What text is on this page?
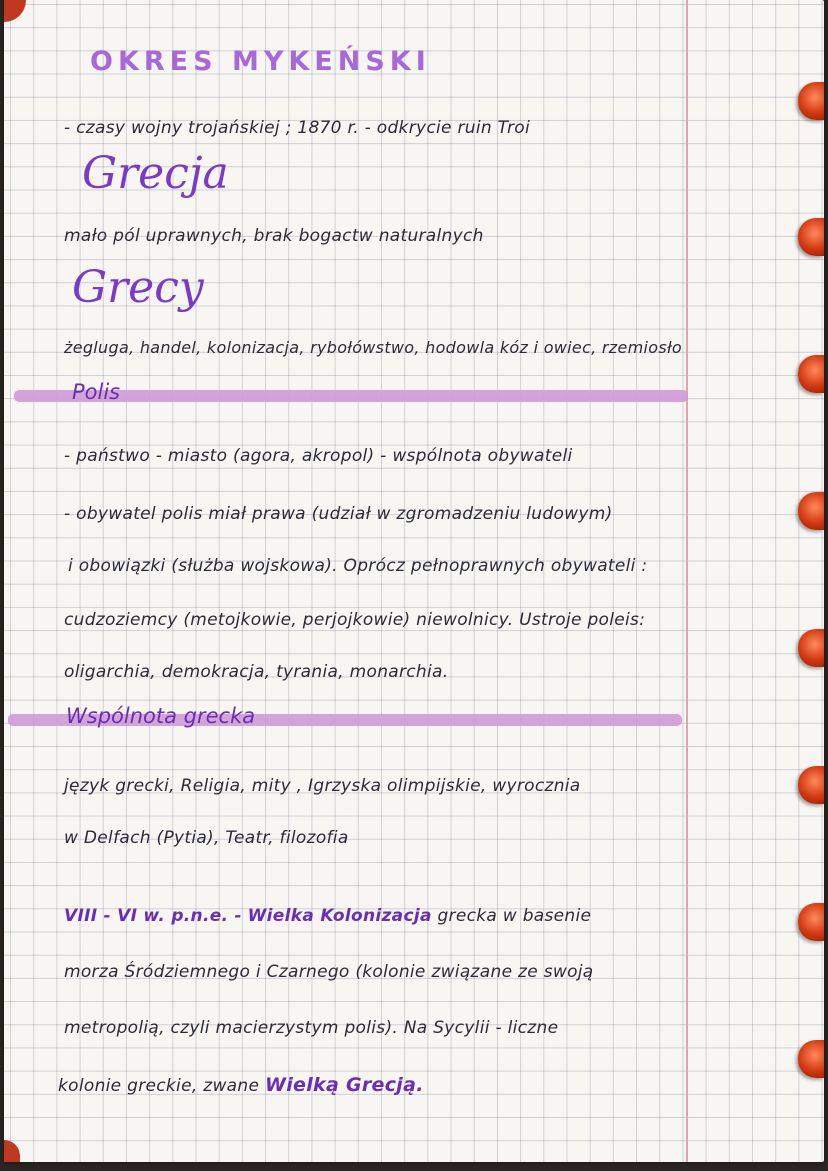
OKRES MYKEŃSKI
- czasy wojny trojańskiej ; 1870 r. - odkrycie ruin Troi
Grecja
mało pól uprawnych, brak bogactw naturalnych
Grecy
żegluga, handel, kolonizacja, rybołówstwo, hodowla kóz i owiec, rzemiosło
Polis
- państwo - miasto (agora, akropol) - wspólnota obywateli
- obywatel polis miał prawa (udział w zgromadzeniu ludowym)
i obowiązki (służba wojskowa). Oprócz pełnoprawnych obywateli :
cudzoziemcy (metojkowie, perjojkowie) niewolnicy. Ustroje poleis:
oligarchia, demokracja, tyrania, monarchia.
Wspólnota grecka
język grecki, Religia, mity , Igrzyska olimpijskie, wyrocznia
w Delfach (Pytia), Teatr, filozofia
VIII - VI w. p.n.e. - Wielka Kolonizacja grecka w basenie
morza Śródziemnego i Czarnego (kolonie związane ze swoją
metropolią, czyli macierzystym polis). Na Sycylii - liczne
kolonie greckie, zwane Wielką Grecją.
